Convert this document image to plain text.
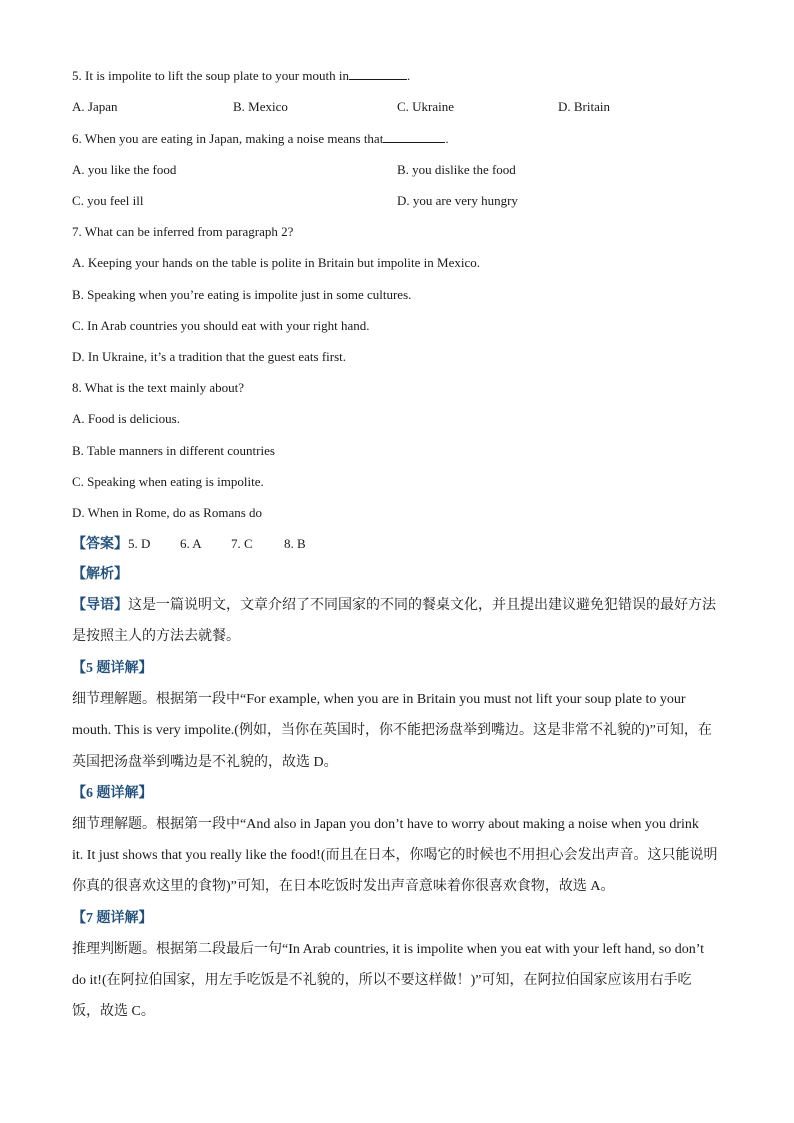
5. It is impolite to lift the soup plate to your mouth in	.
A. Japan	B. Mexico	C. Ukraine	D. Britain
6. When you are eating in Japan, making a noise means that	.
A. you like the food	B. you dislike the food
C. you feel ill	D. you are very hungry
7. What can be inferred from paragraph 2?
A. Keeping your hands on the table is polite in Britain but impolite in Mexico.
B. Speaking when you’re eating is impolite just in some cultures.
C. In Arab countries you should eat with your right hand.
D. In Ukraine, it’s a tradition that the guest eats first.
8. What is the text mainly about?
A. Food is delicious.
B. Table manners in different countries
C. Speaking when eating is impolite.
D. When in Rome, do as Romans do
【答案】5. D 6. A 7. C 8. B
【解析】
【导语】这是一篇说明文，文章介绍了不同国家的不同的餐桌文化，并且提出建议避免犯错误的最好方法
是按照主人的方法去就餐。
【5 题详解】
细节理解题。根据第一段中“For example, when you are in Britain you must not lift your soup plate to your
mouth. This is very impolite.(例如，当你在英国时，你不能把汤盘举到嘴边。这是非常不礼貌的)”可知，在
英国把汤盘举到嘴边是不礼貌的，故选 D。
【6 题详解】
细节理解题。根据第一段中“And also in Japan you don’t have to worry about making a noise when you drink
it. It just shows that you really like the food!(而且在日本，你喝它的时候也不用担心会发出声音。这只能说明
你真的很喜欢这里的食物)”可知，在日本吃饭时发出声音意味着你很喜欢食物，故选 A。
【7 题详解】
推理判断题。根据第二段最后一句“In Arab countries, it is impolite when you eat with your left hand, so don’t
do it!(在阿拉伯国家，用左手吃饭是不礼貌的，所以不要这样做！)”可知，在阿拉伯国家应该用右手吃
饭，故选 C。
